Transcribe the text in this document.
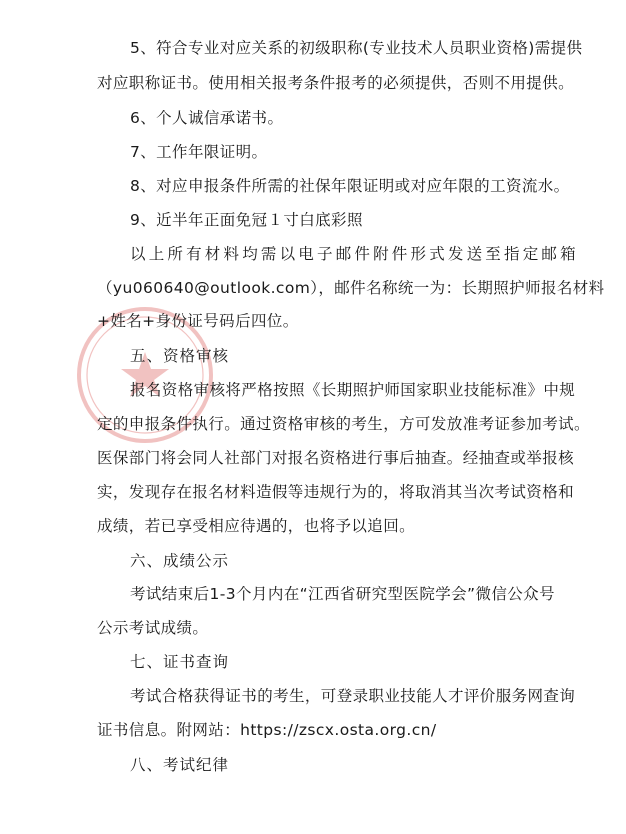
5、符合专业对应关系的初级职称(专业技术人员职业资格)需提供
对应职称证书。使用相关报考条件报考的必须提供，否则不用提供。
6、个人诚信承诺书。
7、工作年限证明。
8、对应申报条件所需的社保年限证明或对应年限的工资流水。
9、近半年正面免冠１寸白底彩照
以上所有材料均需以电子邮件附件形式发送至指定邮箱
（yu060640@outlook.com），邮件名称统一为：长期照护师报名材料
+姓名+身份证号码后四位。
五、资格审核
报名资格审核将严格按照《长期照护师国家职业技能标准》中规
定的申报条件执行。通过资格审核的考生，方可发放准考证参加考试。
医保部门将会同人社部门对报名资格进行事后抽查。经抽查或举报核
实，发现存在报名材料造假等违规行为的，将取消其当次考试资格和
成绩，若已享受相应待遇的，也将予以追回。
六、成绩公示
考试结束后1-3个月内在“江西省研究型医院学会”微信公众号
公示考试成绩。
七、证书查询
考试合格获得证书的考生，可登录职业技能人才评价服务网查询
证书信息。附网站：https://zscx.osta.org.cn/
八、考试纪律
